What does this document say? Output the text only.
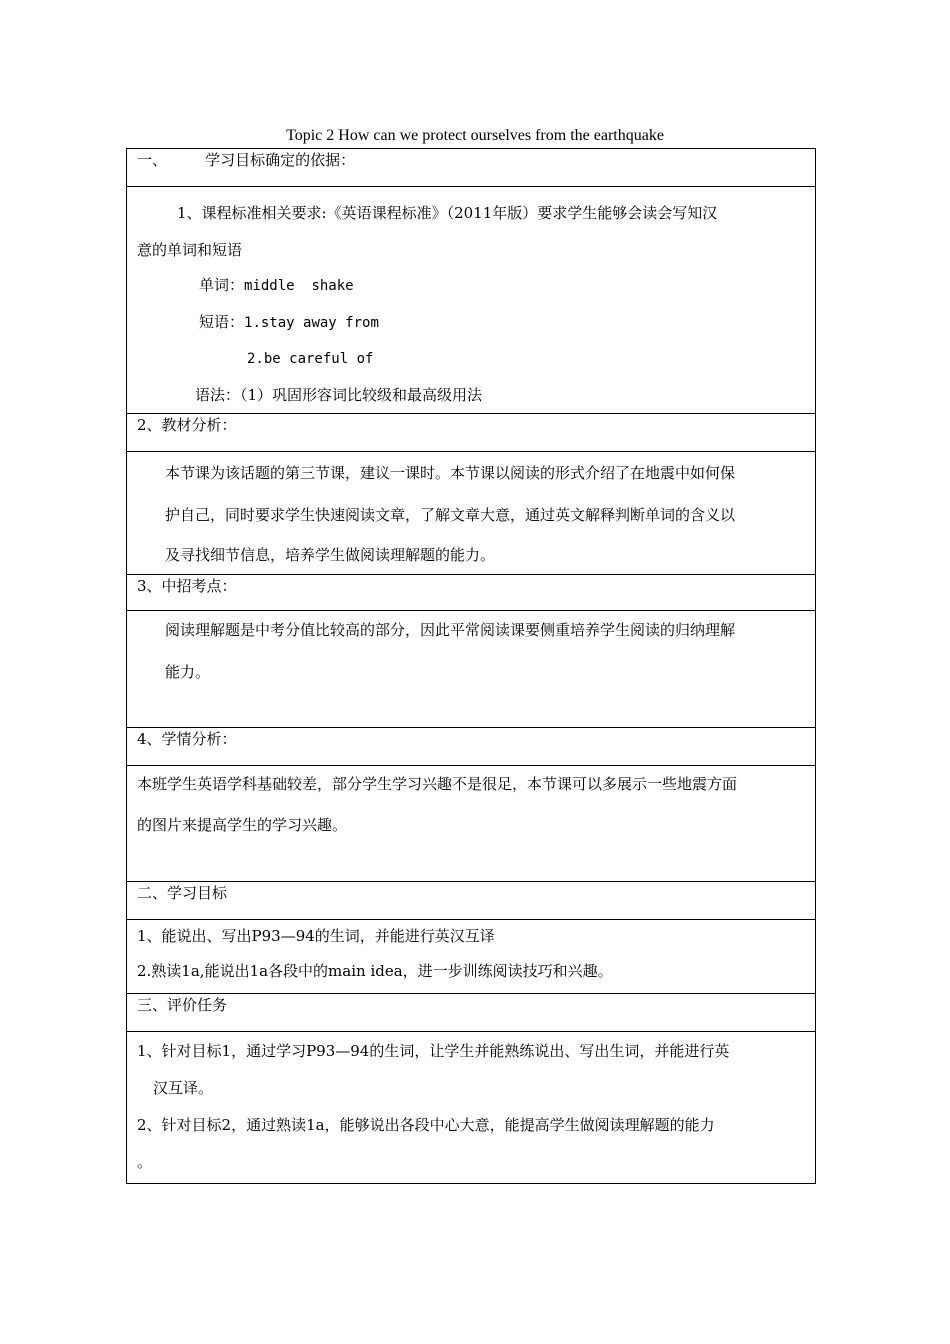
Topic 2 How can we protect ourselves from the earthquake
一、        学习目标确定的依据：

1、课程标准相关要求:《英语课程标准》（2011年版）要求学生能够会读会写知汉
意的单词和短语
单词：middle  shake
短语：1.stay away from
2.be careful of
语法：（1）巩固形容词比较级和最高级用法

2、教材分析：

本节课为该话题的第三节课，建议一课时。本节课以阅读的形式介绍了在地震中如何保
护自己，同时要求学生快速阅读文章，了解文章大意，通过英文解释判断单词的含义以
及寻找细节信息，培养学生做阅读理解题的能力。

3、中招考点：

阅读理解题是中考分值比较高的部分，因此平常阅读课要侧重培养学生阅读的归纳理解
能力。

4、学情分析：

本班学生英语学科基础较差，部分学生学习兴趣不是很足，本节课可以多展示一些地震方面
的图片来提高学生的学习兴趣。

二、学习目标

1、能说出、写出P93—94的生词，并能进行英汉互译
2.熟读1a,能说出1a各段中的main idea，进一步训练阅读技巧和兴趣。

三、评价任务

1、针对目标1，通过学习P93—94的生词，让学生并能熟练说出、写出生词，并能进行英
汉互译。
2、针对目标2，通过熟读1a，能够说出各段中心大意，能提高学生做阅读理解题的能力
。
